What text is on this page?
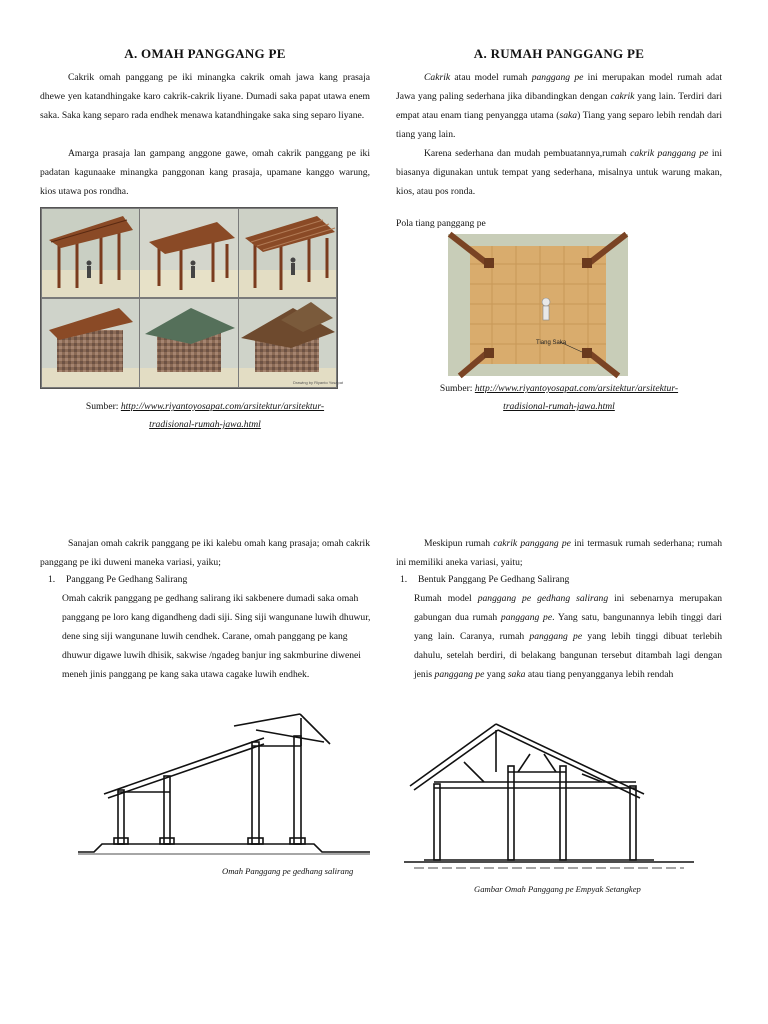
A. OMAH PANGGANG PE

Cakrik omah panggang pe iki minangka cakrik omah jawa kang prasaja dhewe yen katandhingake karo cakrik-cakrik liyane. Dumadi saka papat utawa enem saka. Saka kang separo rada endhek menawa katandhingake saka sing separo liyane.

Amarga prasaja lan gampang anggone gawe, omah cakrik panggang pe iki padatan kagunaake minangka panggonan kang prasaja, upamane kanggo warung, kios utawa pos rondha.

Drawing by Riyanto Yosapat
Sumber: http://www.riyantoyosapat.com/arsitektur/arsitektur-
tradisional-rumah-jawa.html

Sanajan omah cakrik panggang pe iki kalebu omah kang prasaja; omah cakrik panggang pe iki duweni maneka variasi, yaiku;

1. Panggang Pe Gedhang Salirang

Omah cakrik panggang pe gedhang salirang iki sakbenere dumadi saka omah panggang pe loro kang digandheng dadi siji. Sing siji wangunane luwih dhuwur, dene sing siji wangunane luwih cendhek. Carane, omah panggang pe kang dhuwur digawe luwih dhisik, sakwise /ngadeg banjur ing sakmburine diwenei meneh jinis panggang pe kang saka utawa cagake luwih endhek.

Omah Panggang pe gedhang salirang
A. RUMAH PANGGANG PE

Cakrik atau model rumah panggang pe ini merupakan model rumah adat Jawa yang paling sederhana jika dibandingkan dengan cakrik yang lain. Terdiri dari empat atau enam tiang penyangga utama (saka) Tiang yang separo lebih rendah dari tiang yang lain.

Karena sederhana dan mudah pembuatannya,rumah cakrik panggang pe ini biasanya digunakan untuk tempat yang sederhana, misalnya untuk warung makan, kios, atau pos ronda.

Pola tiang panggang pe
Tiang Saka
Sumber: http://www.riyantoyosapat.com/arsitektur/arsitektur-
tradisional-rumah-jawa.html

Meskipun rumah cakrik panggang pe ini termasuk rumah sederhana; rumah ini memiliki aneka variasi, yaitu;

1. Bentuk Panggang Pe Gedhang Salirang

Rumah model panggang pe gedhang salirang ini sebenarnya merupakan gabungan dua rumah panggang pe. Yang satu, bangunannya lebih tinggi dari yang lain. Caranya, rumah panggang pe yang lebih tinggi dibuat terlebih dahulu, setelah berdiri, di belakang bangunan tersebut ditambah lagi dengan jenis panggang pe yang saka atau tiang penyangganya lebih rendah

Gambar Omah Panggang pe Empyak Setangkep
